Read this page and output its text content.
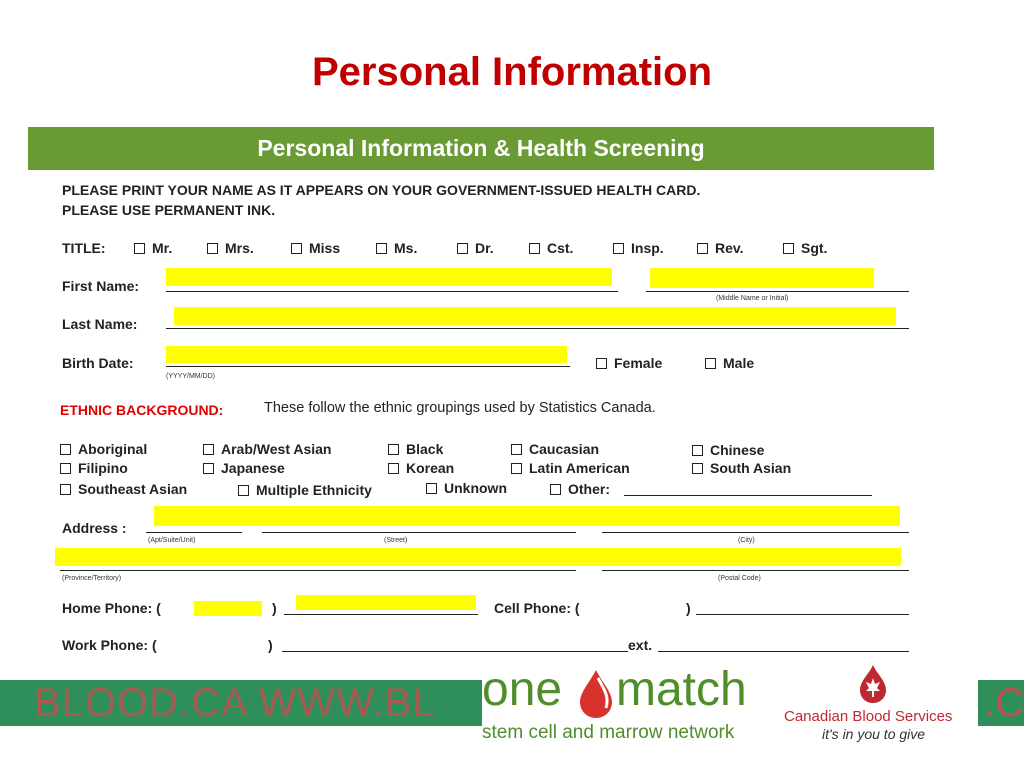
Personal Information
Personal Information & Health Screening
PLEASE PRINT YOUR NAME AS IT APPEARS ON YOUR GOVERNMENT-ISSUED HEALTH CARD.
PLEASE USE PERMANENT INK.
TITLE:	Mr.	Mrs.	Miss	Ms.	Dr.	Cst.	Insp.	Rev.	Sgt.
First Name:
(Middle Name or Initial)
Last Name:
Birth Date:
(YYYY/MM/DD)
Female	Male
ETHNIC BACKGROUND:	These follow the ethnic groupings used by Statistics Canada.
Aboriginal	Arab/West Asian	Black	Caucasian	Chinese
Filipino	Japanese	Korean	Latin American	South Asian
Southeast Asian	Multiple Ethnicity	Unknown	Other:
Address :
(Apt/Suite/Unit)	(Street)	(City)
(Province/Territory)	(Postal Code)
Home Phone: (	)	Cell Phone: (	)
Work Phone: (	)	ext.
BLOOD.CA WWW.BL	.C
one match
stem cell and marrow network
Canadian Blood Services
it's in you to give
